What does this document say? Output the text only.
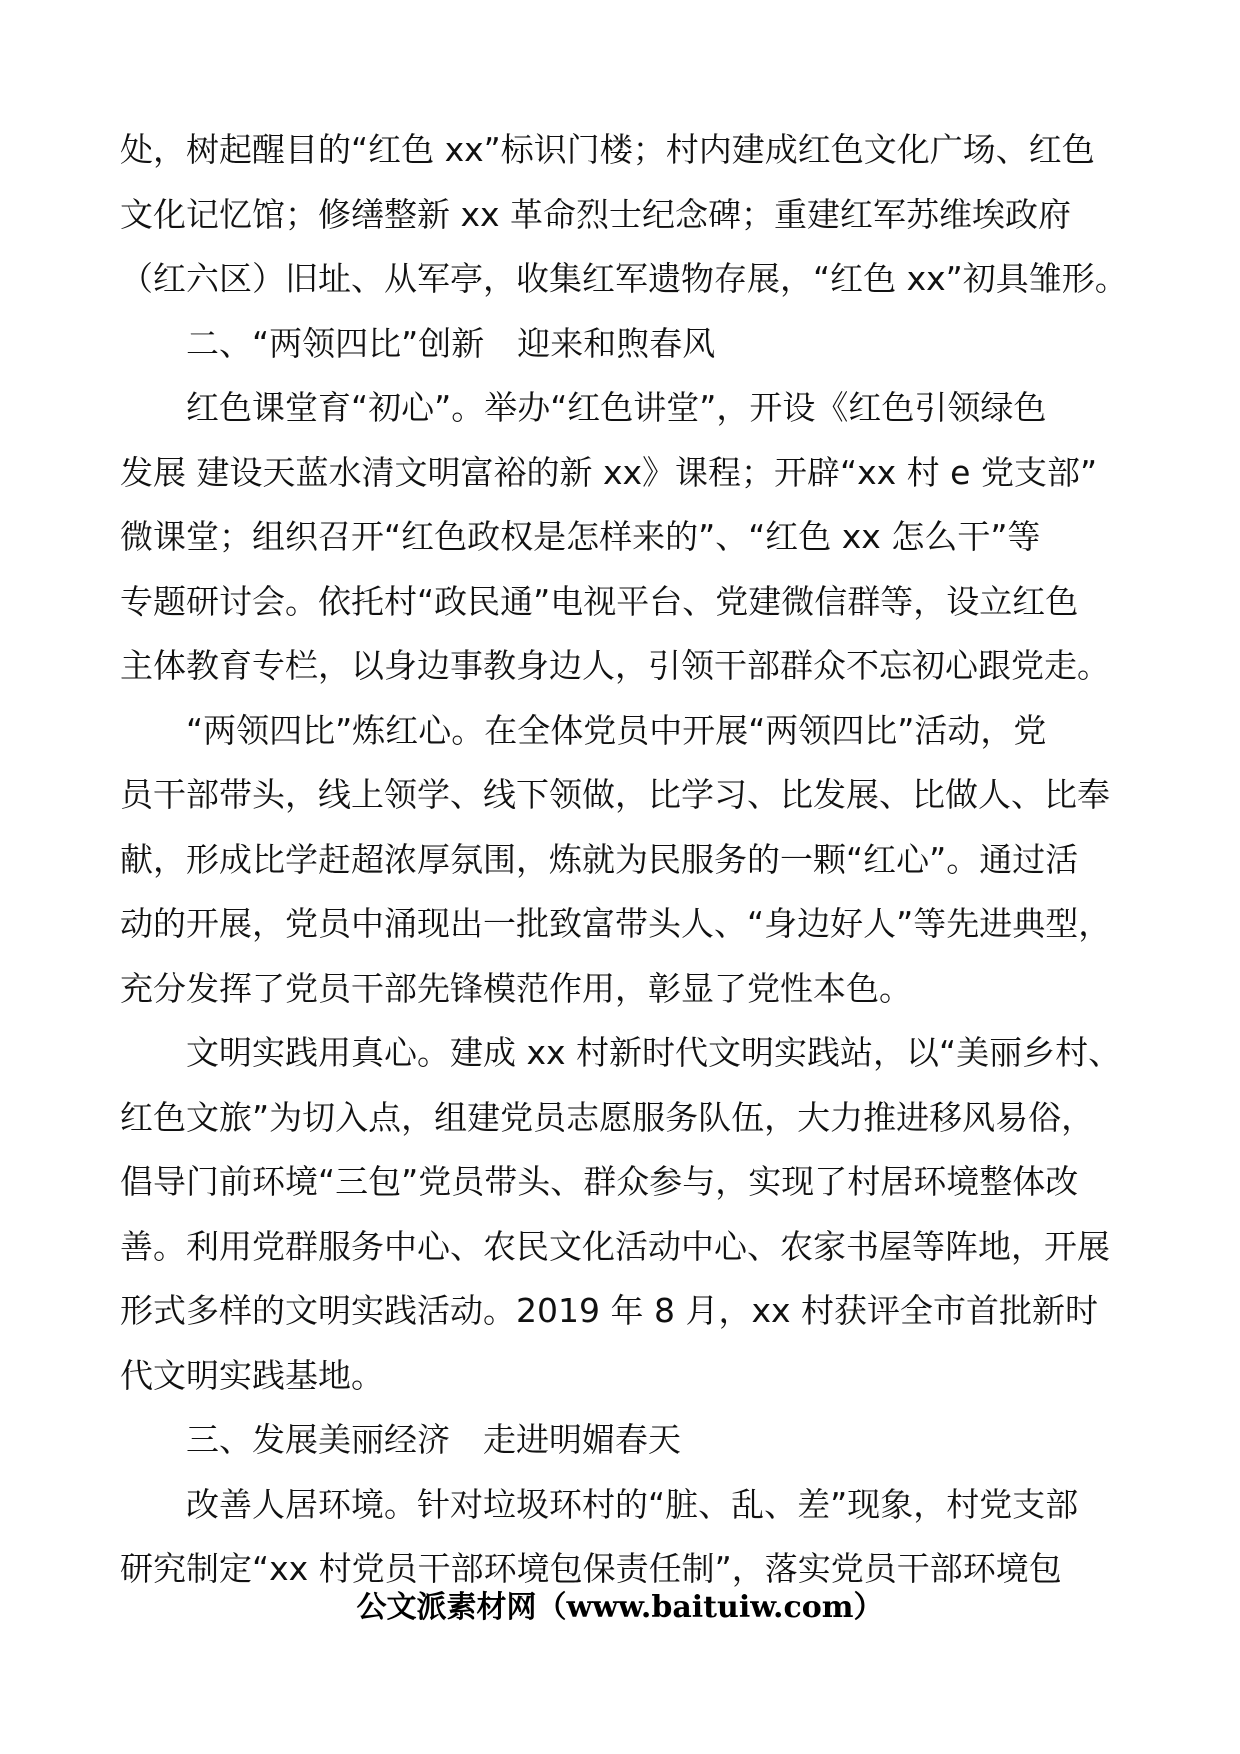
处，树起醒目的“红色 xx”标识门楼；村内建成红色文化广场、红色
文化记忆馆；修缮整新 xx 革命烈士纪念碑；重建红军苏维埃政府
（红六区）旧址、从军亭，收集红军遗物存展，“红色 xx”初具雏形。
二、“两领四比”创新　迎来和煦春风
红色课堂育“初心”。举办“红色讲堂”，开设《红色引领绿色
发展 建设天蓝水清文明富裕的新 xx》课程；开辟“xx 村 e 党支部”
微课堂；组织召开“红色政权是怎样来的”、“红色 xx 怎么干”等
专题研讨会。依托村“政民通”电视平台、党建微信群等，设立红色
主体教育专栏，以身边事教身边人，引领干部群众不忘初心跟党走。
“两领四比”炼红心。在全体党员中开展“两领四比”活动，党
员干部带头，线上领学、线下领做，比学习、比发展、比做人、比奉
献，形成比学赶超浓厚氛围，炼就为民服务的一颗“红心”。通过活
动的开展，党员中涌现出一批致富带头人、“身边好人”等先进典型，
充分发挥了党员干部先锋模范作用，彰显了党性本色。
文明实践用真心。建成 xx 村新时代文明实践站，以“美丽乡村、
红色文旅”为切入点，组建党员志愿服务队伍，大力推进移风易俗，
倡导门前环境“三包”党员带头、群众参与，实现了村居环境整体改
善。利用党群服务中心、农民文化活动中心、农家书屋等阵地，开展
形式多样的文明实践活动。2019 年 8 月，xx 村获评全市首批新时
代文明实践基地。
三、发展美丽经济　走进明媚春天
改善人居环境。针对垃圾环村的“脏、乱、差”现象，村党支部
研究制定“xx 村党员干部环境包保责任制”，落实党员干部环境包
公文派素材网（www.baituiw.com）
